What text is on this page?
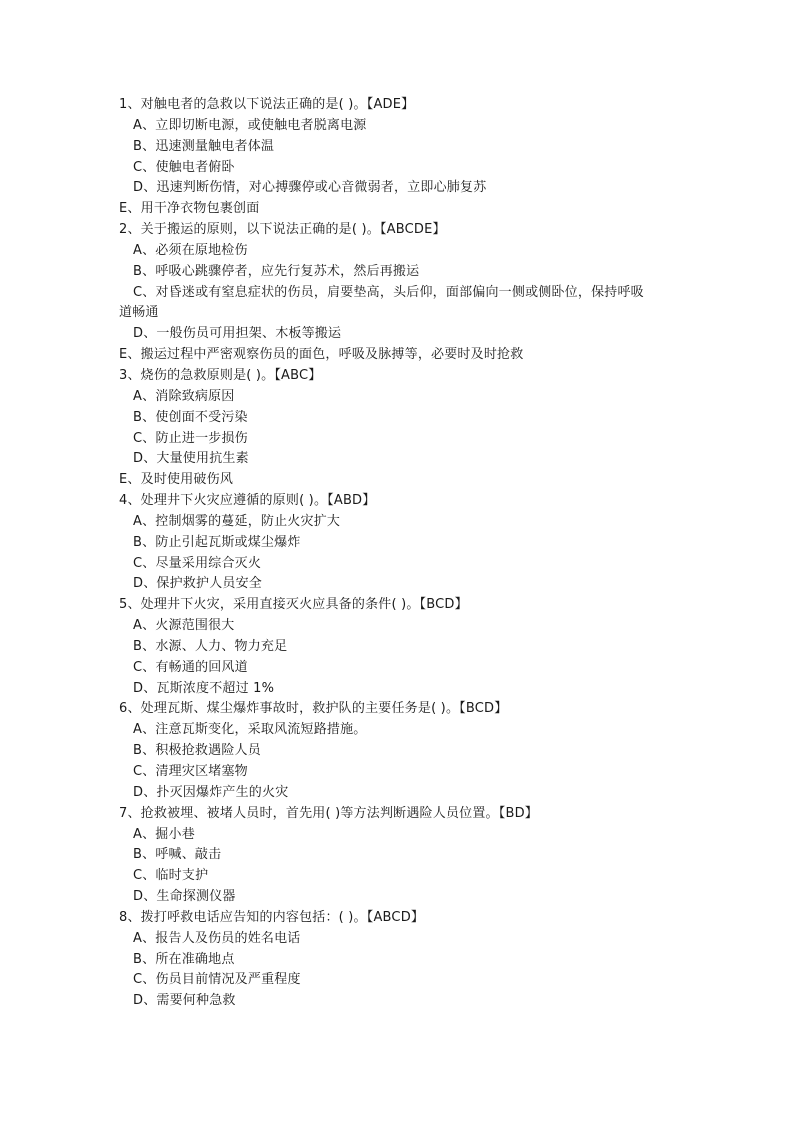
1、对触电者的急救以下说法正确的是( )。【ADE】
A、立即切断电源，或使触电者脱离电源
B、迅速测量触电者体温
C、使触电者俯卧
D、迅速判断伤情，对心搏骤停或心音微弱者，立即心肺复苏
E、用干净衣物包裹创面
2、关于搬运的原则，以下说法正确的是( )。【ABCDE】
A、必须在原地检伤
B、呼吸心跳骤停者，应先行复苏术，然后再搬运
C、对昏迷或有窒息症状的伤员，肩要垫高，头后仰，面部偏向一侧或侧卧位，保持呼吸
道畅通
D、一般伤员可用担架、木板等搬运
E、搬运过程中严密观察伤员的面色，呼吸及脉搏等，必要时及时抢救
3、烧伤的急救原则是( )。【ABC】
A、消除致病原因
B、使创面不受污染
C、防止进一步损伤
D、大量使用抗生素
E、及时使用破伤风
4、处理井下火灾应遵循的原则( )。【ABD】
A、控制烟雾的蔓延，防止火灾扩大
B、防止引起瓦斯或煤尘爆炸
C、尽量采用综合灭火
D、保护救护人员安全
5、处理井下火灾，采用直接灭火应具备的条件( )。【BCD】
A、火源范围很大
B、水源、人力、物力充足
C、有畅通的回风道
D、瓦斯浓度不超过 1%
6、处理瓦斯、煤尘爆炸事故时，救护队的主要任务是( )。【BCD】
A、注意瓦斯变化，采取风流短路措施。
B、积极抢救遇险人员
C、清理灾区堵塞物
D、扑灭因爆炸产生的火灾
7、抢救被埋、被堵人员时，首先用( )等方法判断遇险人员位置。【BD】
A、掘小巷
B、呼喊、敲击
C、临时支护
D、生命探测仪器
8、拨打呼救电话应告知的内容包括：( )。【ABCD】
A、报告人及伤员的姓名电话
B、所在准确地点
C、伤员目前情况及严重程度
D、需要何种急救
